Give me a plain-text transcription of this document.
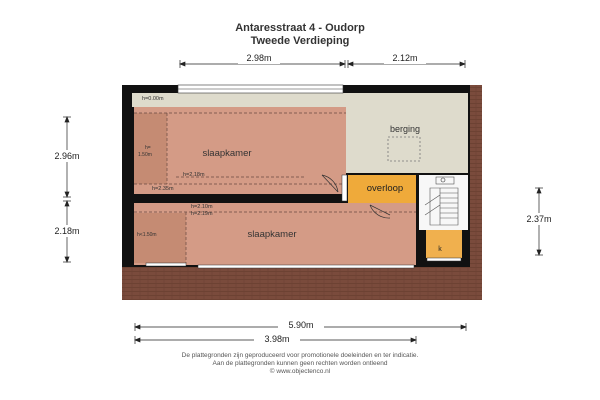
Antaresstraat 4 - Oudorp
Tweede Verdieping
slaapkamer
slaapkamer
berging
overloop
k
h=0.00m
h=
1.50m
h=2.18m
h=2.35m
h=2.10m
h=2.19m
h<1.50m
2.98m	2.12m
2.96m
2.18m
2.37m
5.90m
3.98m
De plattegronden zijn geproduceerd voor promotionele doeleinden en ter indicatie.
Aan de plattegronden kunnen geen rechten worden ontleend
© www.objectenco.nl
